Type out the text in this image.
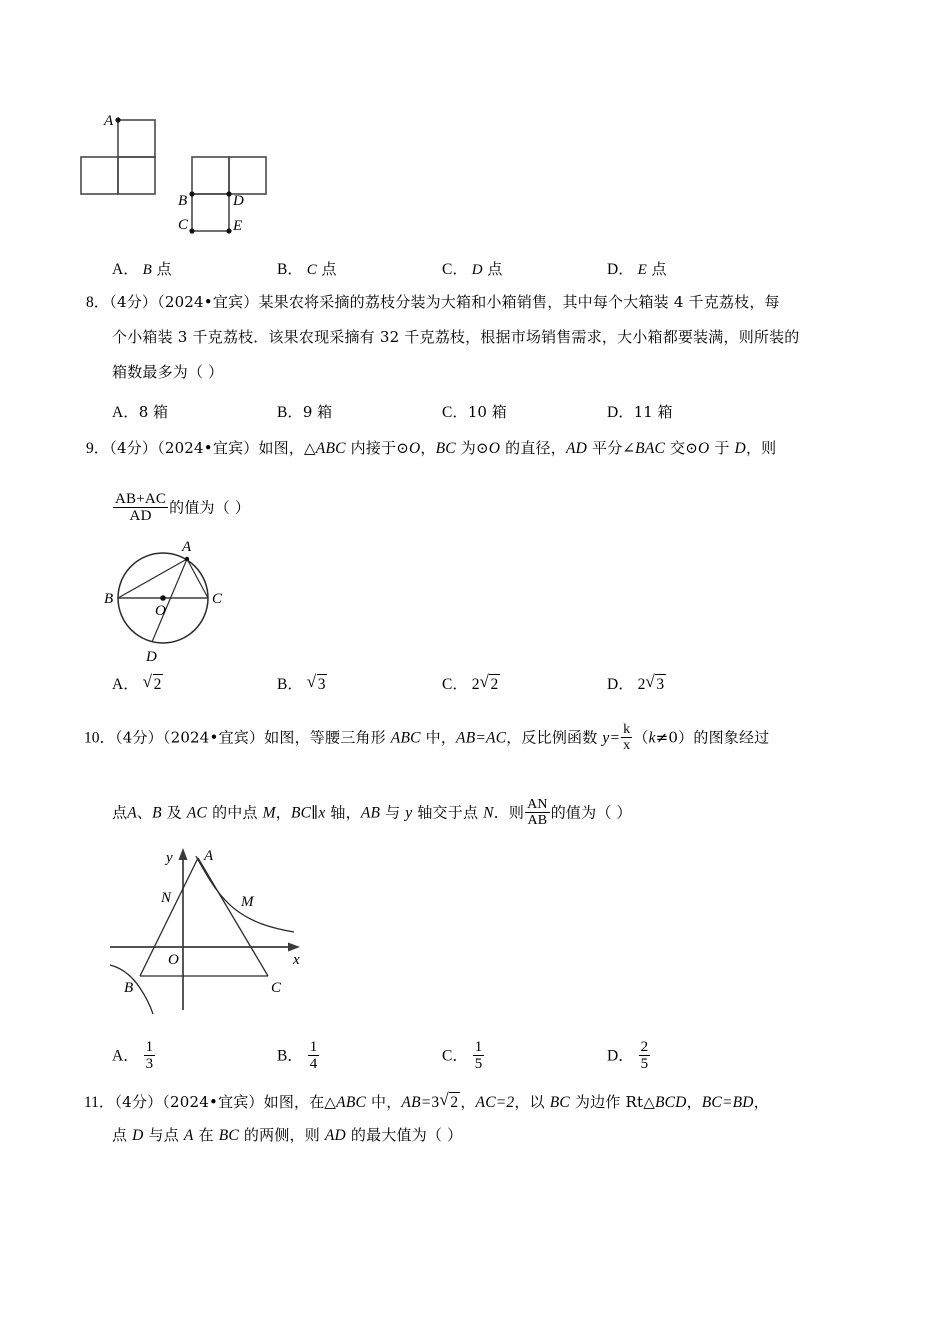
A
B
C
D
E
A． B 点	B． C 点	C． D 点	D． E 点
8．（4分）（2024•宜宾）某果农将采摘的荔枝分装为大箱和小箱销售，其中每个大箱装 4 千克荔枝，每
个小箱装 3 千克荔枝．该果农现采摘有 32 千克荔枝，根据市场销售需求，大小箱都要装满，则所装的
箱数最多为（ ）
A．8 箱	B．9 箱	C．10 箱	D．11 箱
9．（4分）（2024•宜宾）如图，△ABC 内接于⊙O，BC 为⊙O 的直径，AD 平分∠BAC 交⊙O 于 D，则
$\frac{AB+AC}{AD}$ 的值为（ ）
A
B	C
D
O
A． √ 2	B． √ 3	C． 2 √ 2	D． 2 √ 3
10．（4分）（2024•宜宾）如图，等腰三角形 ABC 中，AB=AC，反比例函数 $y= \frac{k}{x} (k\ne 0)$的图象经过
点A、B 及 AC 的中点 M，BC∥x 轴，AB 与 y 轴交于点 N．则 $\frac{AN}{AB}$ 的值为（ ）
A
B	C
M
N
O	x
y
A． $\frac{1}{3}$	B． $\frac{1}{4}$	C． $\frac{1}{5}$	D． $\frac{2}{5}$
11．（4分）（2024•宜宾）如图，在△ABC 中，AB=3 √ 2 ，AC=2，以 BC 为边作 Rt△BCD，BC=BD，
点 D 与点 A 在 BC 的两侧，则 AD 的最大值为（ ）
